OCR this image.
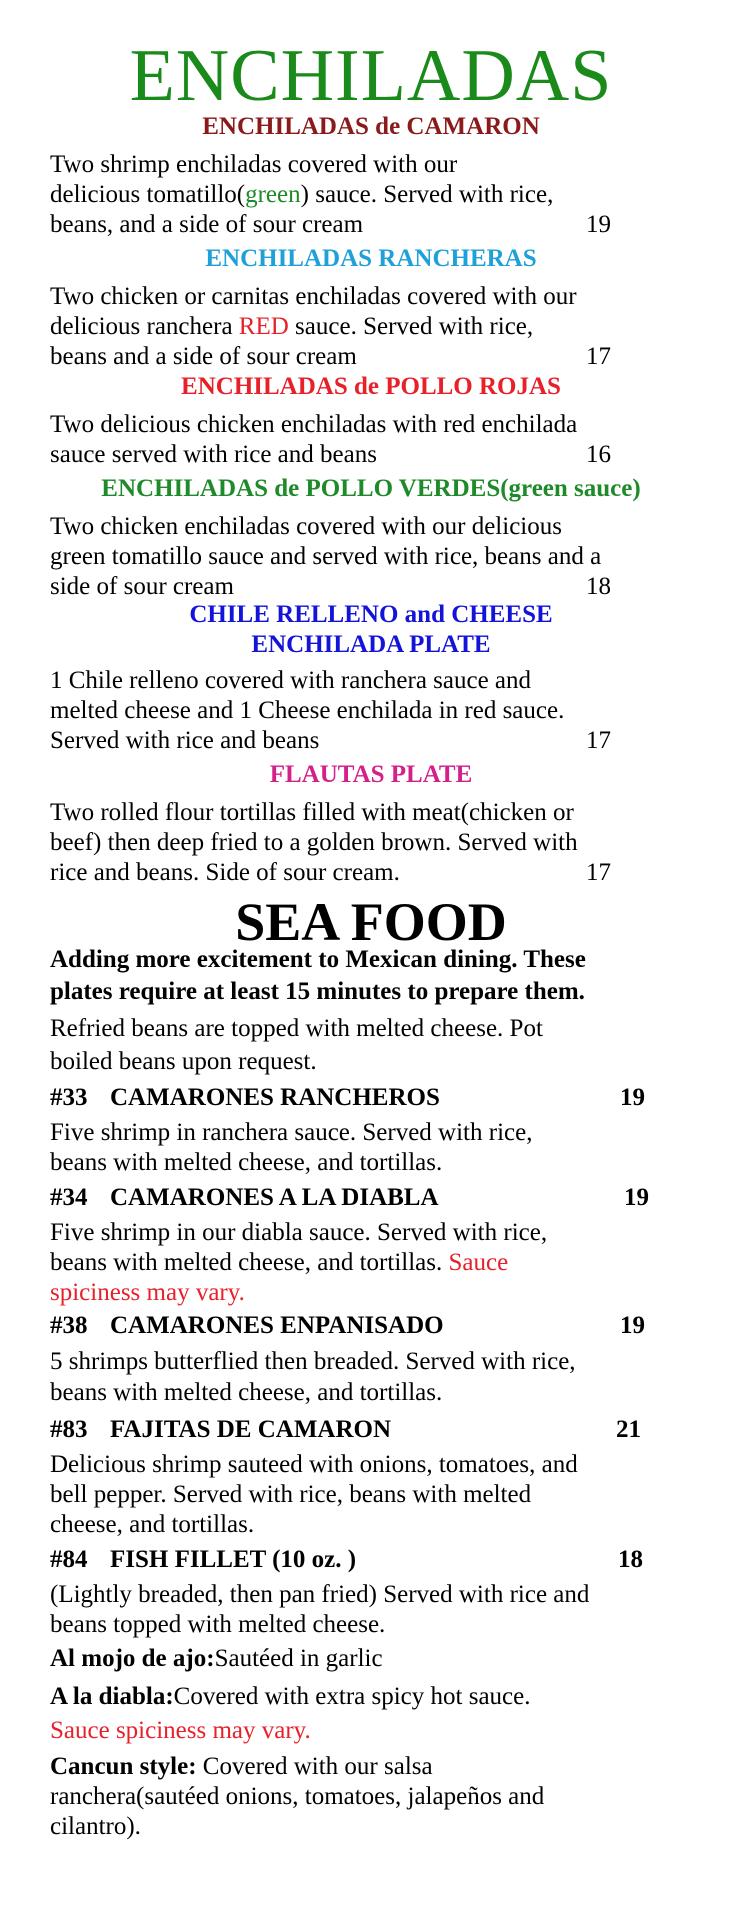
ENCHILADAS
ENCHILADAS de CAMARON
Two shrimp enchiladas covered with our
delicious tomatillo(green) sauce. Served with rice,
beans, and a side of sour cream	19
ENCHILADAS RANCHERAS
Two chicken or carnitas enchiladas covered with our
delicious ranchera RED sauce. Served with rice,
beans and a side of sour cream	17
ENCHILADAS de POLLO ROJAS
Two delicious chicken enchiladas with red enchilada
sauce served with rice and beans	16
ENCHILADAS de POLLO VERDES(green sauce)
Two chicken enchiladas covered with our delicious
green tomatillo sauce and served with rice, beans and a
side of sour cream	18
CHILE RELLENO and CHEESE
ENCHILADA PLATE
1 Chile relleno covered with ranchera sauce and
melted cheese and 1 Cheese enchilada in red sauce.
Served with rice and beans	17
FLAUTAS PLATE
Two rolled flour tortillas filled with meat(chicken or
beef) then deep fried to a golden brown. Served with
rice and beans. Side of sour cream.	17
SEA FOOD
Adding more excitement to Mexican dining. These
plates require at least 15 minutes to prepare them.
Refried beans are topped with melted cheese. Pot
boiled beans upon request.
#33 CAMARONES RANCHEROS	19
Five shrimp in ranchera sauce. Served with rice,
beans with melted cheese, and tortillas.
#34 CAMARONES A LA DIABLA	19
Five shrimp in our diabla sauce. Served with rice,
beans with melted cheese, and tortillas. Sauce
spiciness may vary.
#38 CAMARONES ENPANISADO	19
5 shrimps butterflied then breaded. Served with rice,
beans with melted cheese, and tortillas.
#83 FAJITAS DE CAMARON	21
Delicious shrimp sauteed with onions, tomatoes, and
bell pepper. Served with rice, beans with melted
cheese, and tortillas.
#84 FISH FILLET (10 oz. )	18
(Lightly breaded, then pan fried) Served with rice and
beans topped with melted cheese.
Al mojo de ajo:Sautéed in garlic
A la diabla:Covered with extra spicy hot sauce.
Sauce spiciness may vary.
Cancun style: Covered with our salsa
ranchera(sautéed onions, tomatoes, jalapeños and
cilantro).
